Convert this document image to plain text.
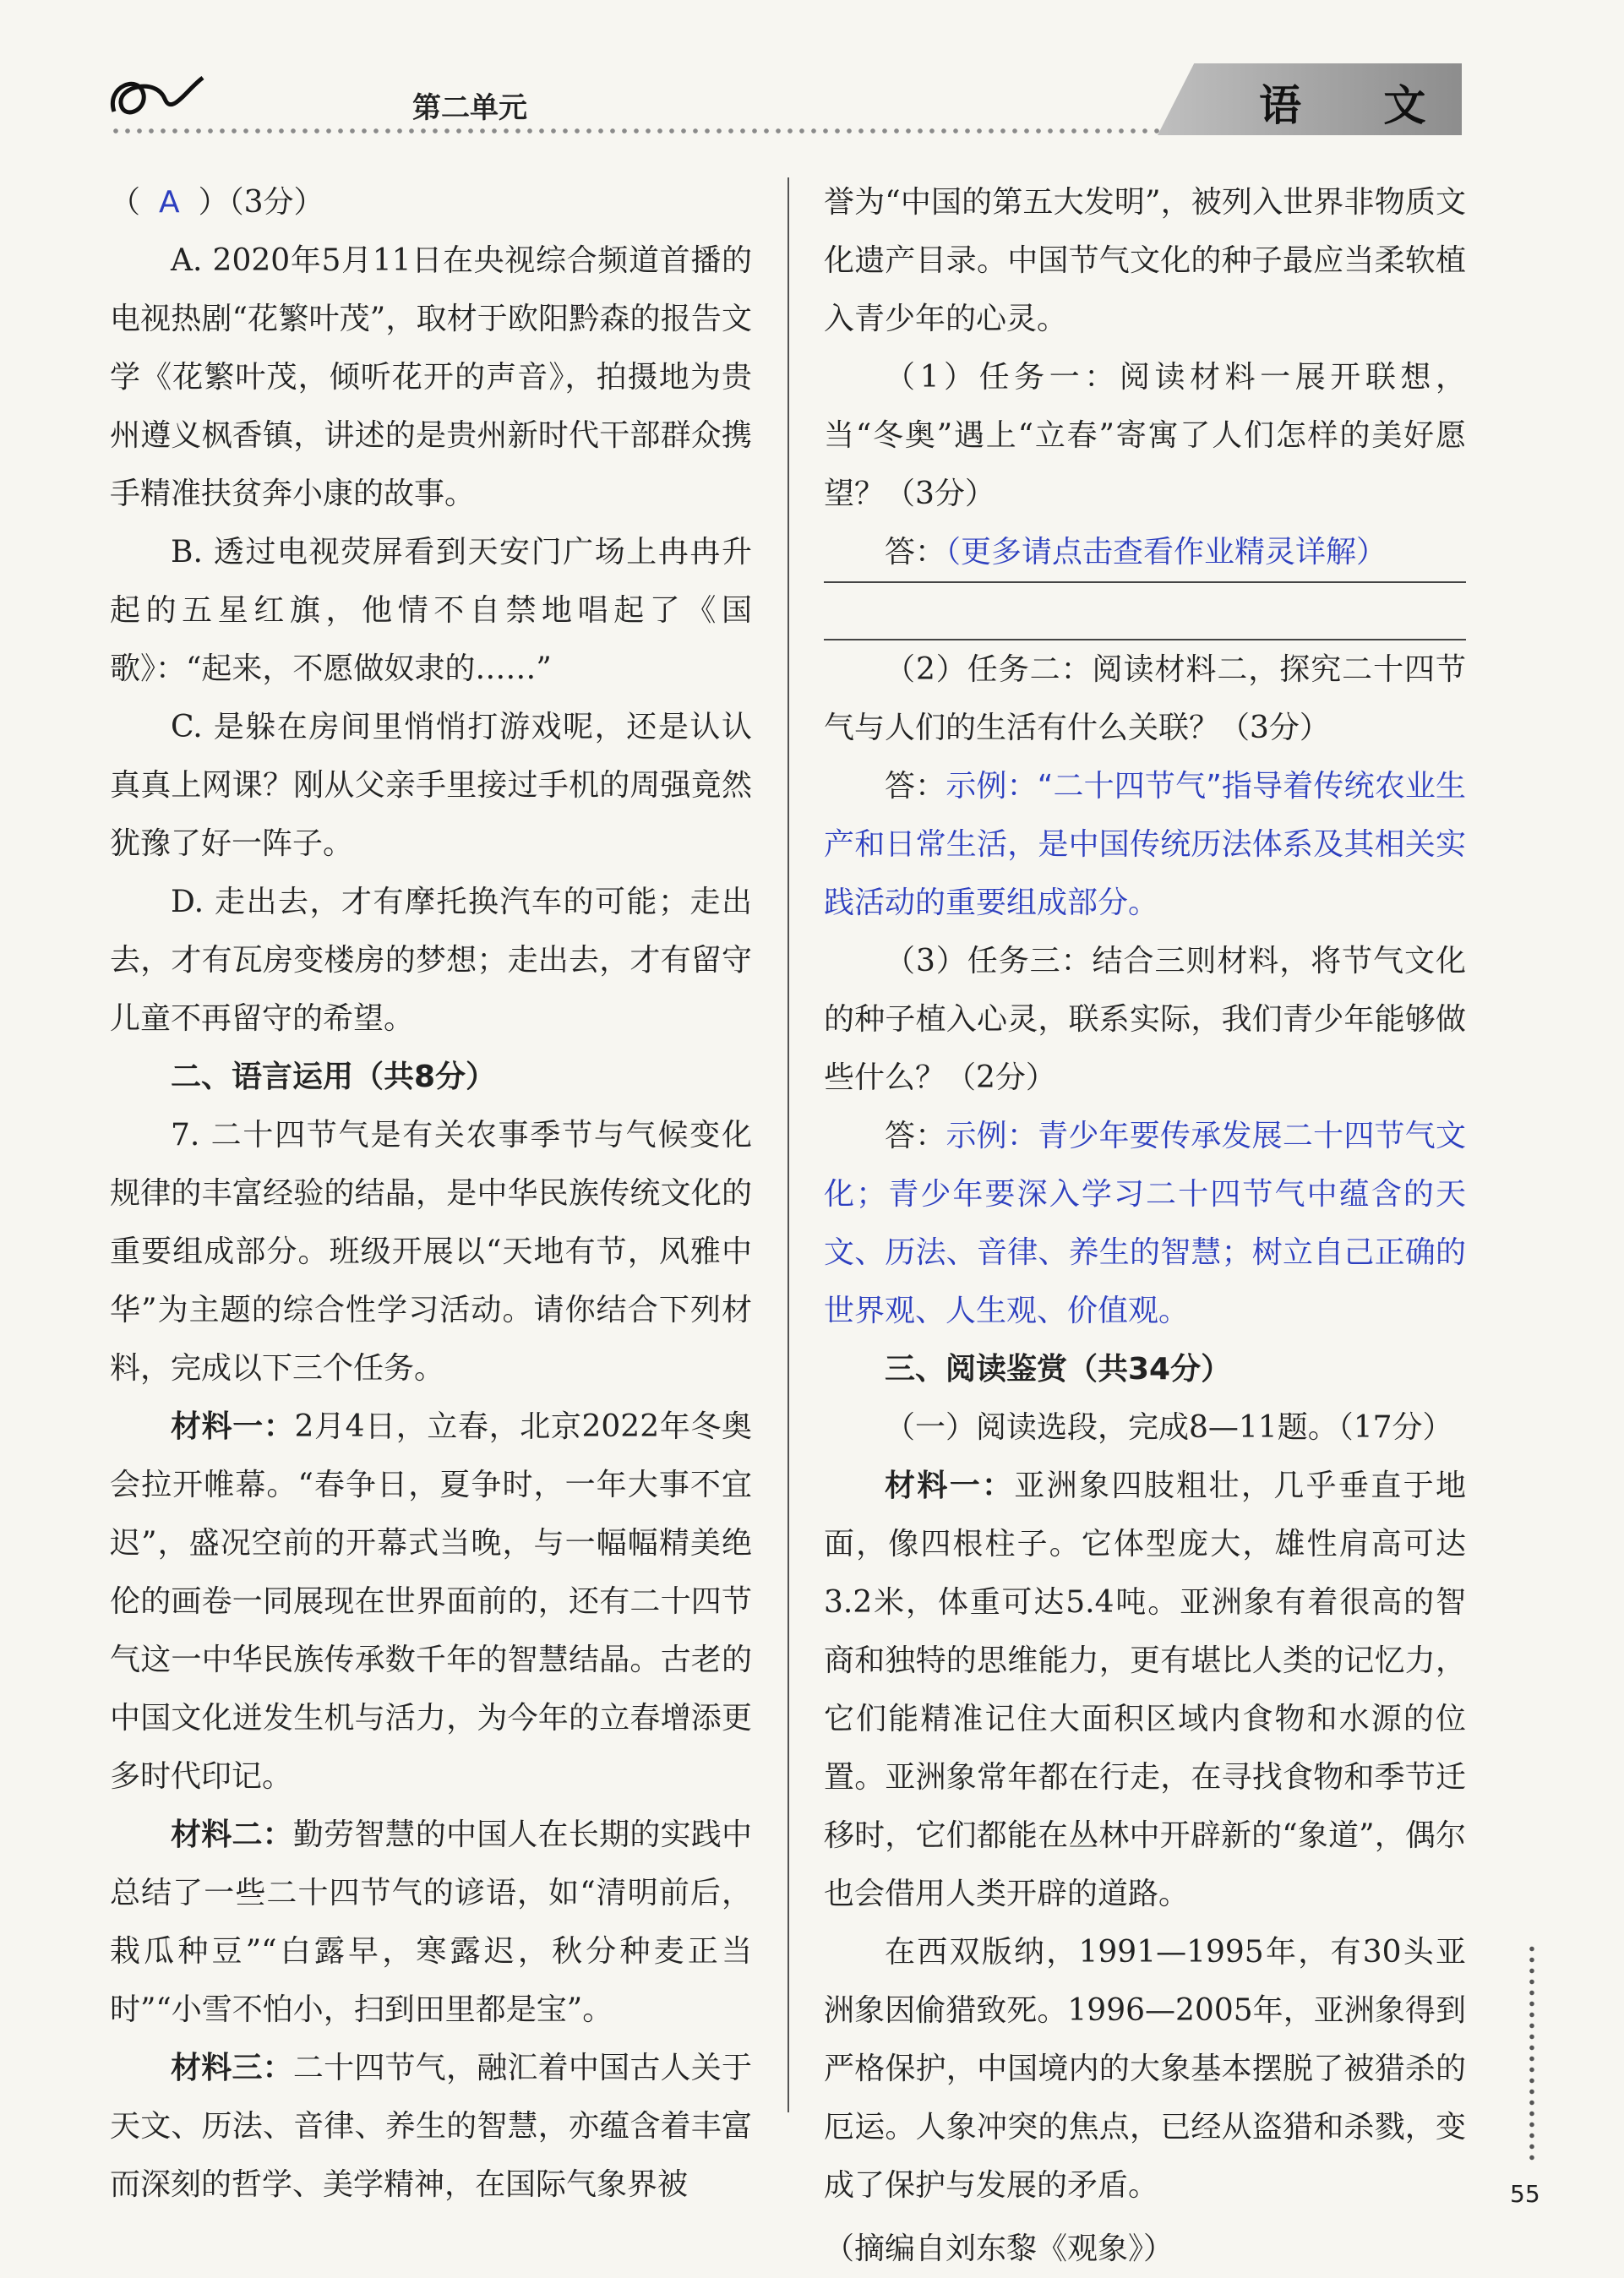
第二单元	语 文

（ A ）（3分）

A. 2020年5月11日在央视综合频道首播的电视热剧“花繁叶茂”，取材于欧阳黔森的报告文学《花繁叶茂，倾听花开的声音》，拍摄地为贵州遵义枫香镇，讲述的是贵州新时代干部群众携手精准扶贫奔小康的故事。

B. 透过电视荧屏看到天安门广场上冉冉升起的五星红旗，他情不自禁地唱起了《国歌》：“起来，不愿做奴隶的……”

C. 是躲在房间里悄悄打游戏呢，还是认认真真上网课？刚从父亲手里接过手机的周强竟然犹豫了好一阵子。

D. 走出去，才有摩托换汽车的可能；走出去，才有瓦房变楼房的梦想；走出去，才有留守儿童不再留守的希望。

二、语言运用（共8分）

7. 二十四节气是有关农事季节与气候变化规律的丰富经验的结晶，是中华民族传统文化的重要组成部分。班级开展以“天地有节，风雅中华”为主题的综合性学习活动。请你结合下列材料，完成以下三个任务。

材料一：2月4日，立春，北京2022年冬奥会拉开帷幕。“春争日，夏争时，一年大事不宜迟”，盛况空前的开幕式当晚，与一幅幅精美绝伦的画卷一同展现在世界面前的，还有二十四节气这一中华民族传承数千年的智慧结晶。古老的中国文化迸发生机与活力，为今年的立春增添更多时代印记。

材料二：勤劳智慧的中国人在长期的实践中总结了一些二十四节气的谚语，如“清明前后，栽瓜种豆”“白露早，寒露迟，秋分种麦正当时”“小雪不怕小，扫到田里都是宝”。

材料三：二十四节气，融汇着中国古人关于天文、历法、音律、养生的智慧，亦蕴含着丰富而深刻的哲学、美学精神，在国际气象界被

誉为“中国的第五大发明”，被列入世界非物质文化遗产目录。中国节气文化的种子最应当柔软植入青少年的心灵。

（1）任务一：阅读材料一展开联想，当“冬奥”遇上“立春”寄寓了人们怎样的美好愿望？（3分）

答：（更多请点击查看作业精灵详解）

（2）任务二：阅读材料二，探究二十四节气与人们的生活有什么关联？（3分）

答：示例：“二十四节气”指导着传统农业生产和日常生活，是中国传统历法体系及其相关实践活动的重要组成部分。

（3）任务三：结合三则材料，将节气文化的种子植入心灵，联系实际，我们青少年能够做些什么？（2分）

答：示例：青少年要传承发展二十四节气文化；青少年要深入学习二十四节气中蕴含的天文、历法、音律、养生的智慧；树立自己正确的世界观、人生观、价值观。

三、阅读鉴赏（共34分）

（一）阅读选段，完成8—11题。（17分）

材料一：亚洲象四肢粗壮，几乎垂直于地面，像四根柱子。它体型庞大，雄性肩高可达3.2米，体重可达5.4吨。亚洲象有着很高的智商和独特的思维能力，更有堪比人类的记忆力，它们能精准记住大面积区域内食物和水源的位置。亚洲象常年都在行走，在寻找食物和季节迁移时，它们都能在丛林中开辟新的“象道”，偶尔也会借用人类开辟的道路。

在西双版纳，1991—1995年，有30头亚洲象因偷猎致死。1996—2005年，亚洲象得到严格保护，中国境内的大象基本摆脱了被猎杀的厄运。人象冲突的焦点，已经从盗猎和杀戮，变成了保护与发展的矛盾。

（摘编自刘东黎《观象》）

55
